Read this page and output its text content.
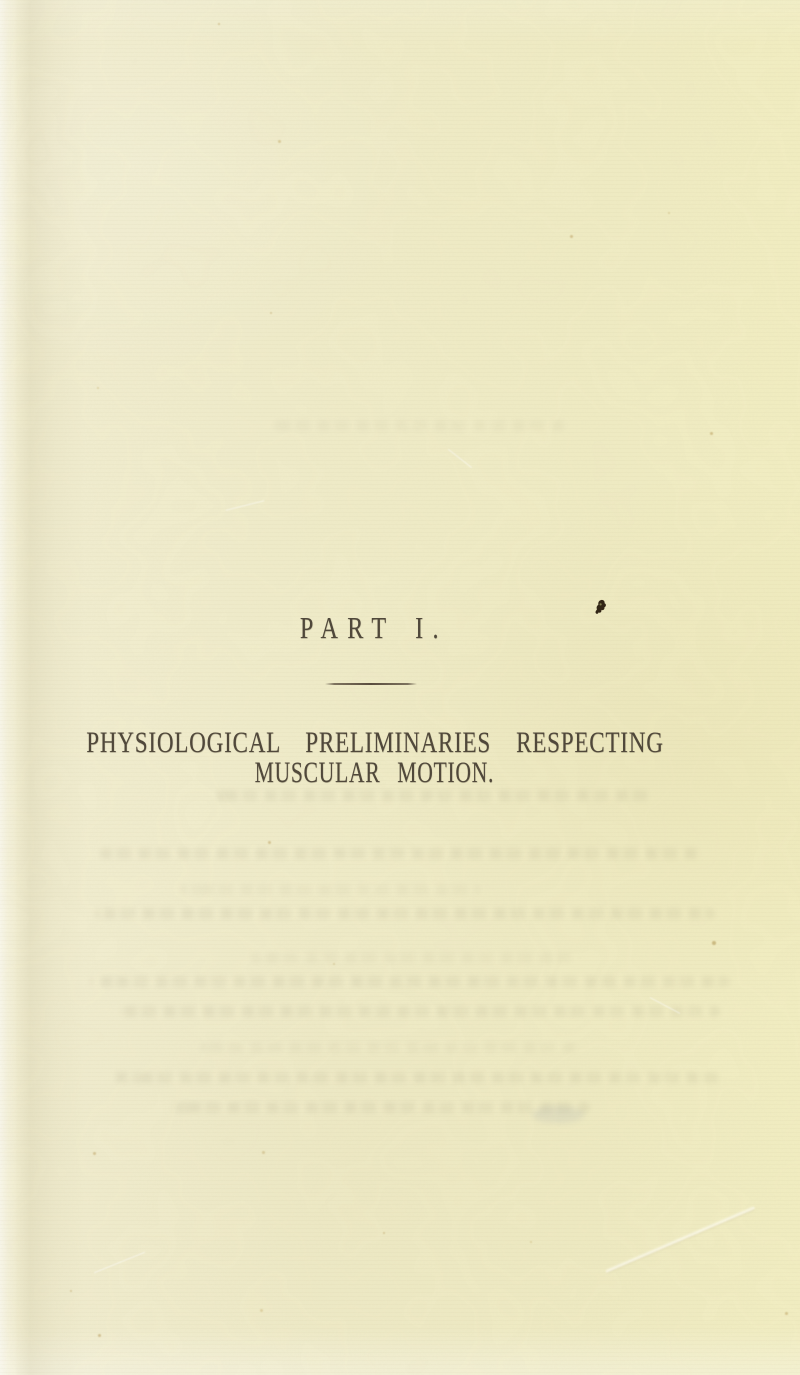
PART I.
PHYSIOLOGICAL PRELIMINARIES RESPECTING
MUSCULAR MOTION.
